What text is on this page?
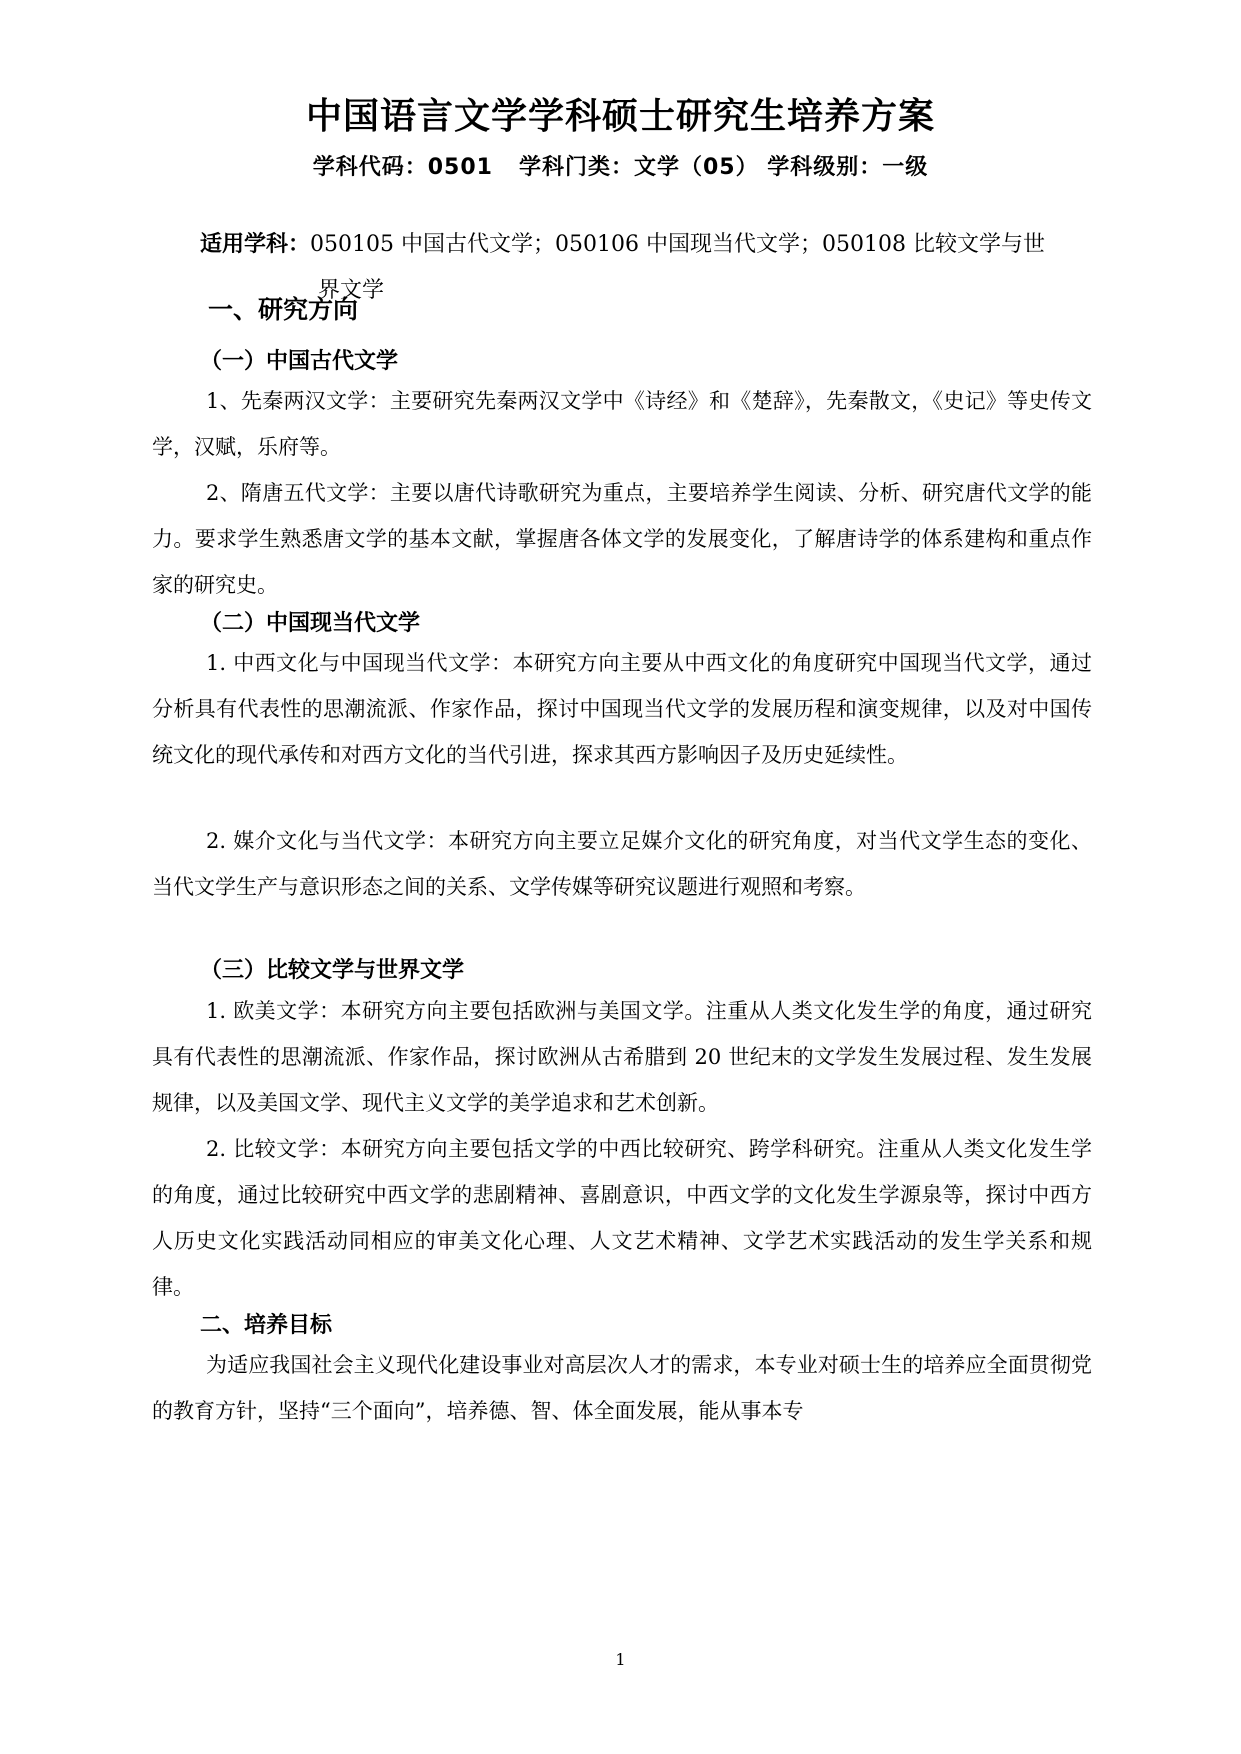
中国语言文学学科硕士研究生培养方案
学科代码：0501   学科门类：文学（05） 学科级别：一级
适用学科：050105 中国古代文学；050106 中国现当代文学；050108 比较文学与世
界文学
一、研究方向
（一）中国古代文学
1、先秦两汉文学：主要研究先秦两汉文学中《诗经》和《楚辞》，先秦散文，《史记》等史传文学，汉赋，乐府等。
2、隋唐五代文学：主要以唐代诗歌研究为重点，主要培养学生阅读、分析、研究唐代文学的能力。要求学生熟悉唐文学的基本文献，掌握唐各体文学的发展变化，了解唐诗学的体系建构和重点作家的研究史。
（二）中国现当代文学
1. 中西文化与中国现当代文学：本研究方向主要从中西文化的角度研究中国现当代文学，通过分析具有代表性的思潮流派、作家作品，探讨中国现当代文学的发展历程和演变规律，以及对中国传统文化的现代承传和对西方文化的当代引进，探求其西方影响因子及历史延续性。
2. 媒介文化与当代文学：本研究方向主要立足媒介文化的研究角度，对当代文学生态的变化、当代文学生产与意识形态之间的关系、文学传媒等研究议题进行观照和考察。
（三）比较文学与世界文学
1. 欧美文学：本研究方向主要包括欧洲与美国文学。注重从人类文化发生学的角度，通过研究具有代表性的思潮流派、作家作品，探讨欧洲从古希腊到 20 世纪末的文学发生发展过程、发生发展规律，以及美国文学、现代主义文学的美学追求和艺术创新。
2. 比较文学：本研究方向主要包括文学的中西比较研究、跨学科研究。注重从人类文化发生学的角度，通过比较研究中西文学的悲剧精神、喜剧意识，中西文学的文化发生学源泉等，探讨中西方人历史文化实践活动同相应的审美文化心理、人文艺术精神、文学艺术实践活动的发生学关系和规律。
二、培养目标
为适应我国社会主义现代化建设事业对高层次人才的需求，本专业对硕士生的培养应全面贯彻党的教育方针，坚持“三个面向”，培养德、智、体全面发展，能从事本专
1
